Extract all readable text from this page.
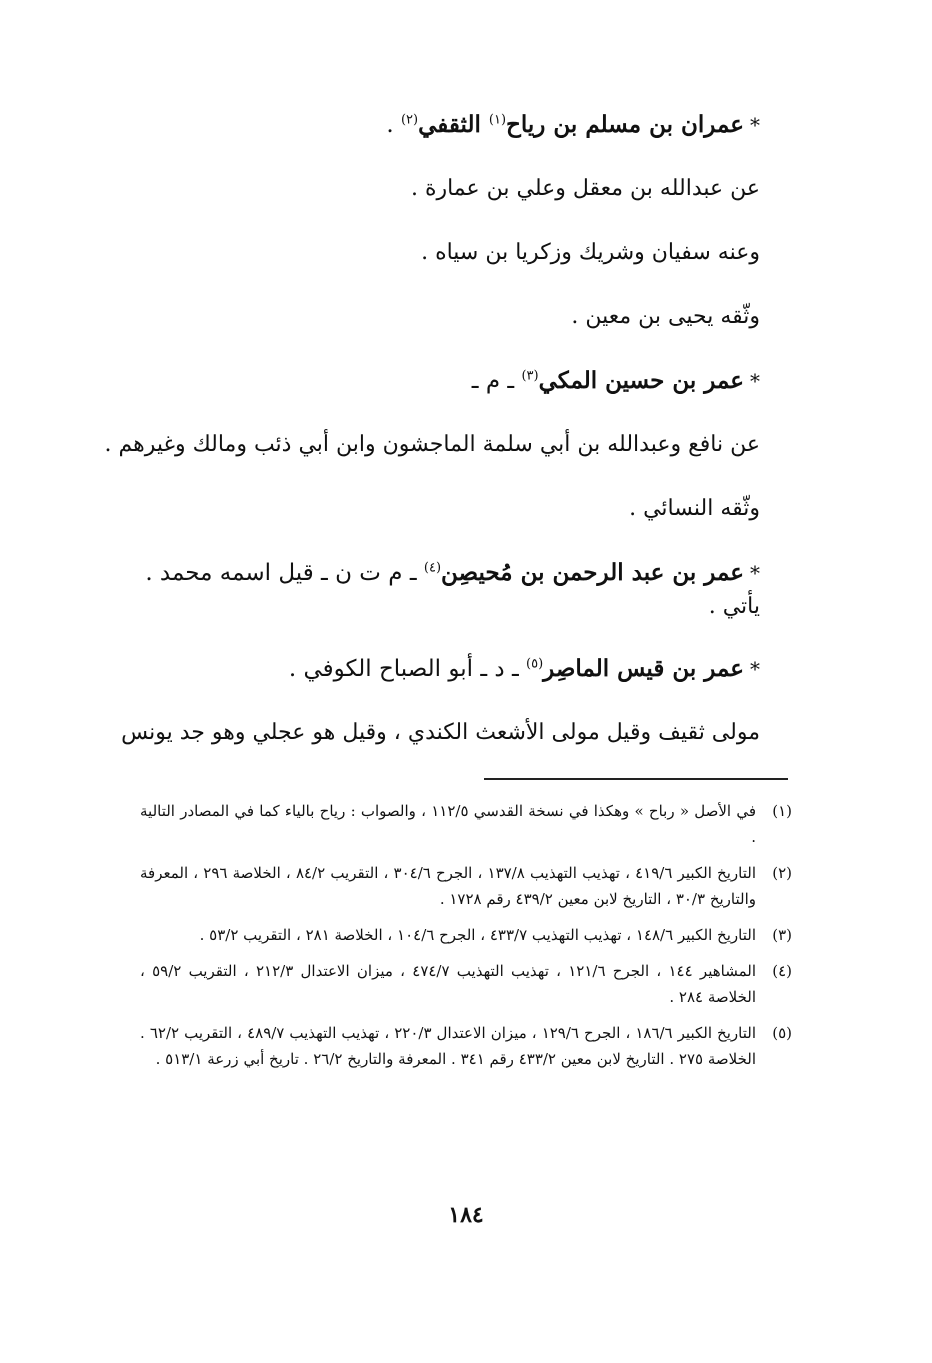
*عمران بن مسلم بن رياح$^{(١)}$ الثقفي$^{(٢)}$ .

عن عبدالله بن معقل وعلي بن عمارة .

وعنه سفيان وشريك وزكريا بن سياه .

وثّقه يحيى بن معين .

*عمر بن حسين المكي$^{(٣)}$ ـ م ـ

عن نافع وعبدالله بن أبي سلمة الماجشون وابن أبي ذئب ومالك وغيرهم .

وثّقه النسائي .

*عمر بن عبد الرحمن بن مُحيصِن$^{(٤)}$ ـ م ت ن ـ قيل اسمه محمد .

يأتي .

*عمر بن قيس الماصِر$^{(٥)}$ ـ د ـ أبو الصباح الكوفي .

مولى ثقيف وقيل مولى الأشعث الكندي ، وقيل هو عجلي وهو جد يونس

(١)
في الأصل « رباح » وهكذا في نسخة القدسي ١١٢/٥ ، والصواب : رياح بالياء كما في المصادر التالية .
(٢)
التاريخ الكبير ٤١٩/٦ ، تهذيب التهذيب ١٣٧/٨ ، الجرح ٣٠٤/٦ ، التقريب ٨٤/٢ ، الخلاصة ٢٩٦ ، المعرفة والتاريخ ٣٠/٣ ، التاريخ لابن معين ٤٣٩/٢ رقم ١٧٢٨ .
(٣)
التاريخ الكبير ١٤٨/٦ ، تهذيب التهذيب ٤٣٣/٧ ، الجرح ١٠٤/٦ ، الخلاصة ٢٨١ ، التقريب ٥٣/٢ .
(٤)
المشاهير ١٤٤ ، الجرح ١٢١/٦ ، تهذيب التهذيب ٤٧٤/٧ ، ميزان الاعتدال ٢١٢/٣ ، التقريب ٥٩/٢ ، الخلاصة ٢٨٤ .
(٥)
التاريخ الكبير ١٨٦/٦ ، الجرح ١٢٩/٦ ، ميزان الاعتدال ٢٢٠/٣ ، تهذيب التهذيب ٤٨٩/٧ ، التقريب ٦٢/٢ . الخلاصة ٢٧٥ . التاريخ لابن معين ٤٣٣/٢ رقم ٣٤١ . المعرفة والتاريخ ٢٦/٢ . تاريخ أبي زرعة ٥١٣/١ .
١٨٤
